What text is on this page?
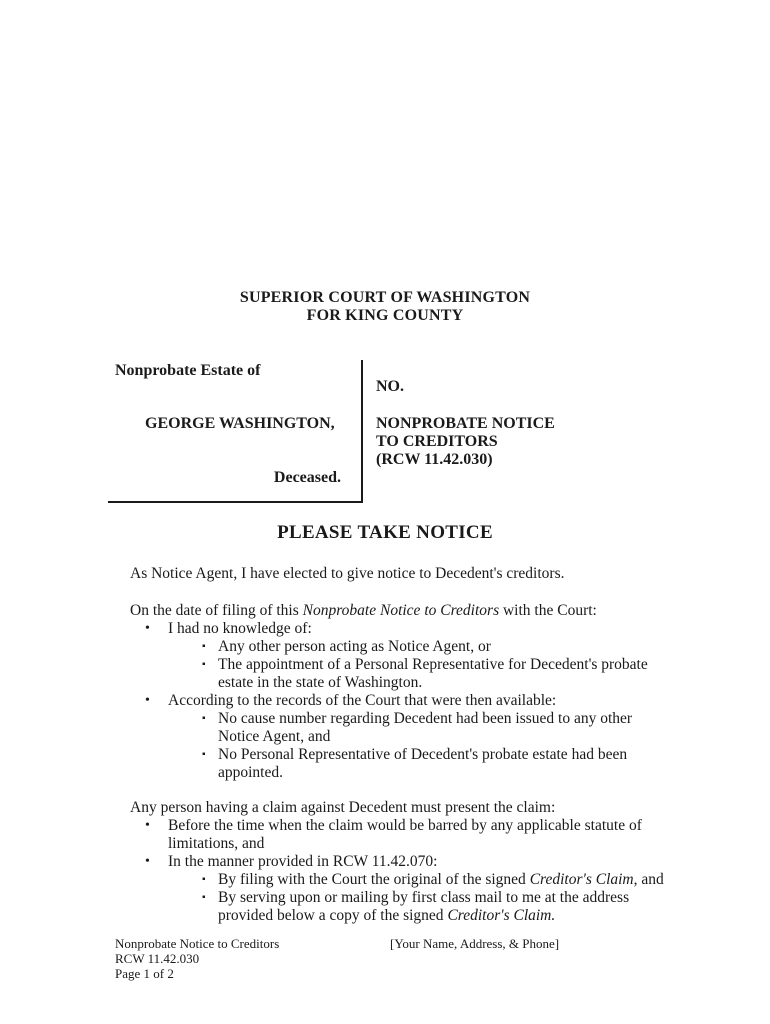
SUPERIOR COURT OF WASHINGTON
FOR KING COUNTY
Nonprobate Estate of
GEORGE WASHINGTON,
Deceased.
NO.
NONPROBATE NOTICE
TO CREDITORS
(RCW 11.42.030)
PLEASE TAKE NOTICE

As Notice Agent, I have elected to give notice to Decedent's creditors.

On the date of filing of this Nonprobate Notice to Creditors with the Court:

•	I had no knowledge of:
▪ Any other person acting as Notice Agent, or
▪ The appointment of a Personal Representative for Decedent's probate estate in the state of Washington.
•	According to the records of the Court that were then available:
▪ No cause number regarding Decedent had been issued to any other Notice Agent, and
▪ No Personal Representative of Decedent's probate estate had been appointed.

Any person having a claim against Decedent must present the claim:

•	Before the time when the claim would be barred by any applicable statute of limitations, and
•	In the manner provided in RCW 11.42.070:
▪ By filing with the Court the original of the signed Creditor's Claim, and
▪ By serving upon or mailing by first class mail to me at the address provided below a copy of the signed Creditor's Claim.
Nonprobate Notice to Creditors
RCW 11.42.030
Page 1 of 2
[Your Name, Address, & Phone]
